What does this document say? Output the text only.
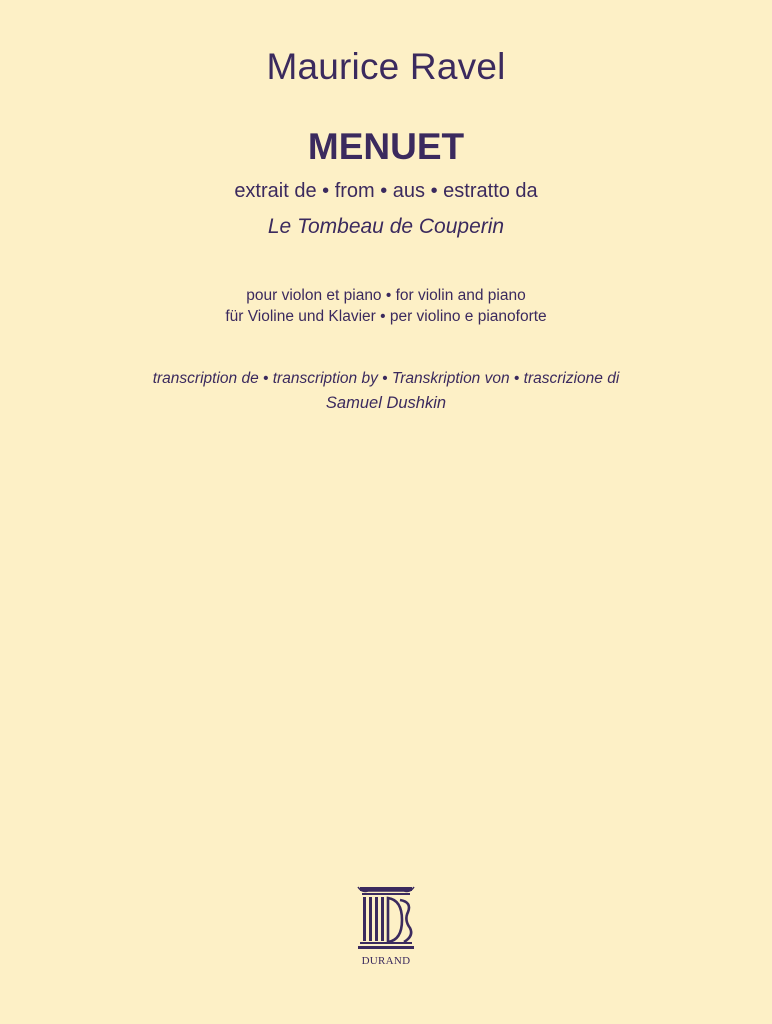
Maurice Ravel
MENUET
extrait de • from • aus • estratto da
Le Tombeau de Couperin
pour violon et piano • for violin and piano
für Violine und Klavier • per violino e pianoforte
transcription de • transcription by • Transkription von • trascrizione di
Samuel Dushkin
DURAND
